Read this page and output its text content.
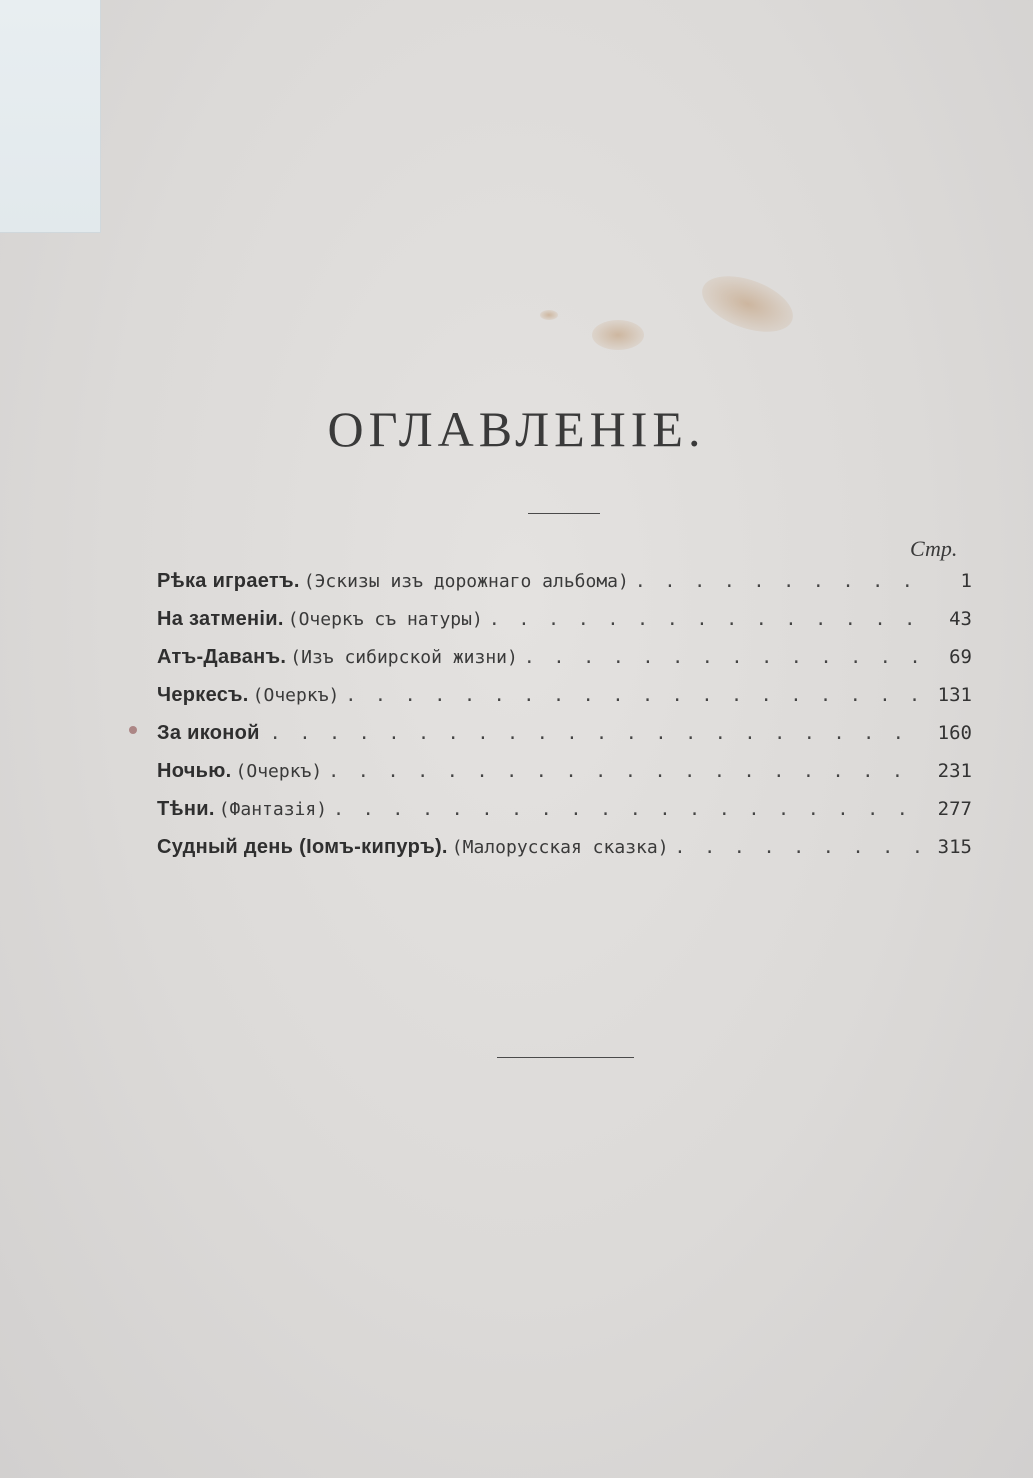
ОГЛАВЛЕНІЕ.
Стр.
Рѣка играетъ. (Эскизы изъ дорожнаго альбома) . . .	1
На затменіи. (Очеркъ съ натуры) . . .	43
Атъ-Даванъ. (Изъ сибирской жизни) . . .	69
Черкесъ. (Очеркъ) . . .	131
За иконой . . .	160
Ночью. (Очеркъ) . . .	231
Тѣни. (Фантазія) . . .	277
Судный день (Іомъ-кипуръ). (Малорусская сказка) . . .	315
